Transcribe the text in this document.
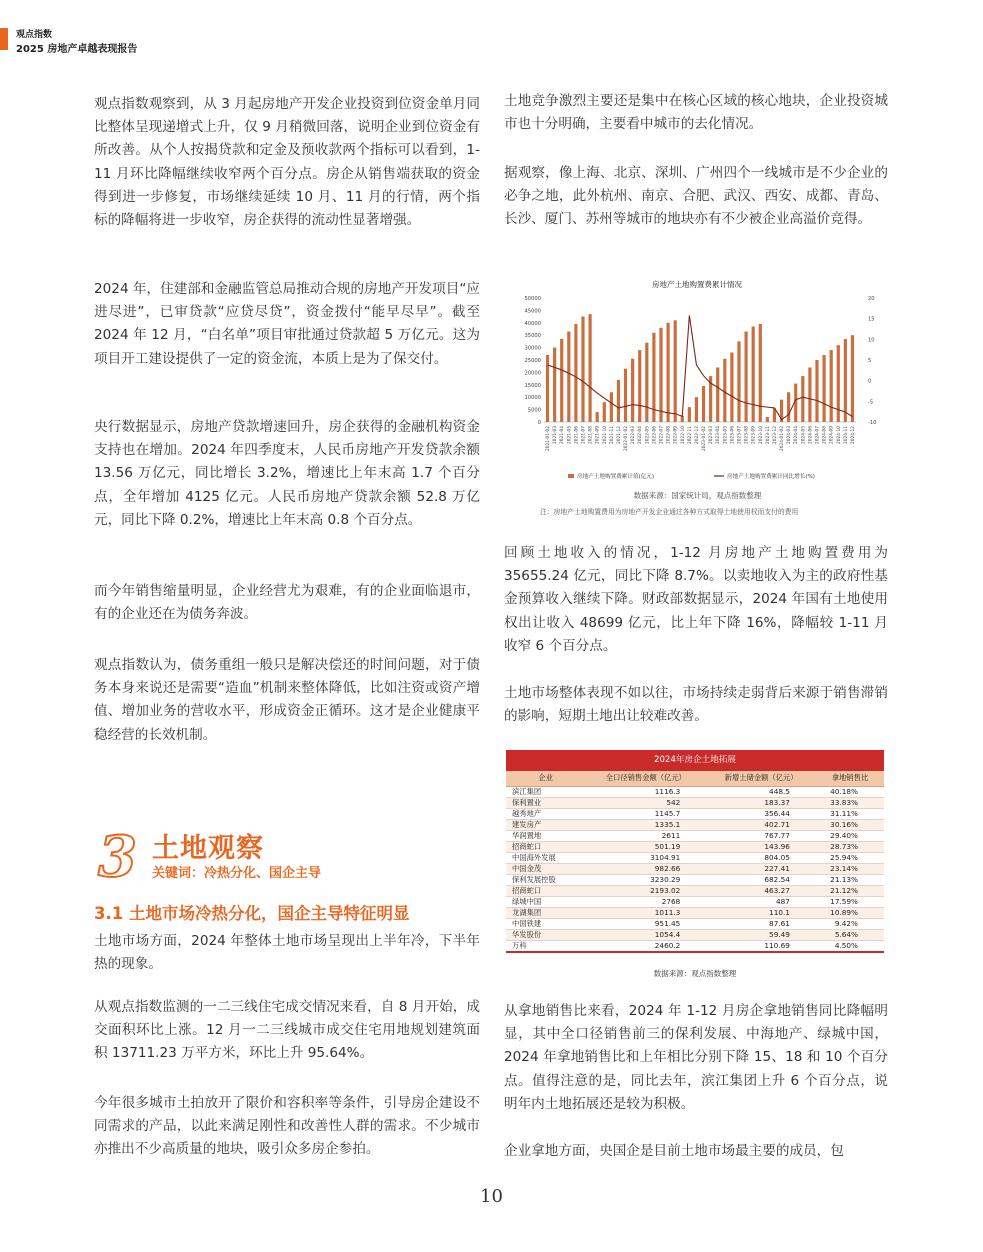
观点指数
2025 房地产卓越表现报告

观点指数观察到，从 3 月起房地产开发企业投资到位资金单月同比整体呈现递增式上升，仅 9 月稍微回落，说明企业到位资金有所改善。从个人按揭贷款和定金及预收款两个指标可以看到，1-11 月环比降幅继续收窄两个百分点。房企从销售端获取的资金得到进一步修复，市场继续延续 10 月、11 月的行情，两个指标的降幅将进一步收窄，房企获得的流动性显著增强。

2024 年，住建部和金融监管总局推动合规的房地产开发项目“应进尽进”，已审贷款“应贷尽贷”，资金拨付“能早尽早”。截至 2024 年 12 月，“白名单”项目审批通过贷款超 5 万亿元。这为项目开工建设提供了一定的资金流，本质上是为了保交付。

央行数据显示，房地产贷款增速回升，房企获得的金融机构资金支持也在增加。2024 年四季度末，人民币房地产开发贷款余额 13.56 万亿元，同比增长 3.2%，增速比上年末高 1.7 个百分点，全年增加 4125 亿元。人民币房地产贷款余额 52.8 万亿元，同比下降 0.2%，增速比上年末高 0.8 个百分点。

而今年销售缩量明显，企业经营尤为艰难，有的企业面临退市，有的企业还在为债务奔波。

观点指数认为，债务重组一般只是解决偿还的时间问题，对于债务本身来说还是需要“造血”机制来整体降低，比如注资或资产增值、增加业务的营收水平，形成资金正循环。这才是企业健康平稳经营的长效机制。

3 土地观察
关键词：冷热分化、国企主导
3.1 土地市场冷热分化，国企主导特征明显

土地市场方面，2024 年整体土地市场呈现出上半年冷，下半年热的现象。

从观点指数监测的一二三线住宅成交情况来看，自 8 月开始，成交面积环比上涨。12 月一二三线城市成交住宅用地规划建筑面积 13711.23 万平方米，环比上升 95.64%。

今年很多城市土拍放开了限价和容积率等条件，引导房企建设不同需求的产品，以此来满足刚性和改善性人群的需求。不少城市亦推出不少高质量的地块，吸引众多房企参拍。

土地竞争激烈主要还是集中在核心区域的核心地块，企业投资城市也十分明确，主要看中城市的去化情况。

据观察，像上海、北京、深圳、广州四个一线城市是不少企业的必争之地，此外杭州、南京、合肥、武汉、西安、成都、青岛、长沙、厦门、苏州等城市的地块亦有不少被企业高溢价竞得。

房地产土地购置费累计情况
50000
45000
40000
35000
30000
25000
20000
15000
10000
5000
0
20
15
10
5
0
-5
-10
2021-01-02 2021-03 2021-04 2021-05 2021-06 2021-07 2021-08 2021-09 2021-10 2021-11 2021-12 2022-01-02 2022-03 2022-04 2022-05 2022-06 2022-07 2022-08 2022-09 2022-10 2022-11 2022-12 2023-01-02 2023-03 2023-04 2023-05 2023-06 2023-07 2023-08 2023-09 2023-10 2023-11 2023-12 2024-01-02 2024-03 2024-04 2024-05 2024-06 2024-07 2024-08 2024-09 2024-10 2024-11 2024-12
房地产土地购置费累计值(亿元)	房地产土地购置费累计同比增长(%)
数据来源：国家统计局，观点指数整理
注：房地产土地购置费用为房地产开发企业通过各种方式取得土地使用权而支付的费用

回顾土地收入的情况，1-12 月房地产土地购置费用为 35655.24 亿元，同比下降 8.7%。以卖地收入为主的政府性基金预算收入继续下降。财政部数据显示，2024 年国有土地使用权出让收入 48699 亿元，比上年下降 16%，降幅较 1-11 月收窄 6 个百分点。

土地市场整体表现不如以往，市场持续走弱背后来源于销售滞销的影响，短期土地出让较难改善。

2024年房企土地拓展
企业	全口径销售金额（亿元）	新增土储金额（亿元）	拿地销售比
滨江集团	1116.3	448.5	40.18%
保利置业	542	183.37	33.83%
越秀地产	1145.7	356.44	31.11%
建发房产	1335.1	402.71	30.16%
华润置地	2611	767.77	29.40%
招商蛇口	501.19	143.96	28.73%
中国海外发展	3104.91	804.05	25.94%
中国金茂	982.66	227.41	23.14%
保利发展控股	3230.29	682.54	21.13%
招商蛇口	2193.02	463.27	21.12%
绿城中国	2768	487	17.59%
龙湖集团	1011.3	110.1	10.89%
中国铁建	951.45	87.61	9.42%
华发股份	1054.4	59.49	5.64%
万科	2460.2	110.69	4.50%
数据来源：观点指数整理

从拿地销售比来看，2024 年 1-12 月房企拿地销售同比降幅明显，其中全口径销售前三的保利发展、中海地产、绿城中国，2024 年拿地销售比和上年相比分别下降 15、18 和 10 个百分点。值得注意的是，同比去年，滨江集团上升 6 个百分点，说明年内土地拓展还是较为积极。

企业拿地方面，央国企是目前土地市场最主要的成员，包

10
